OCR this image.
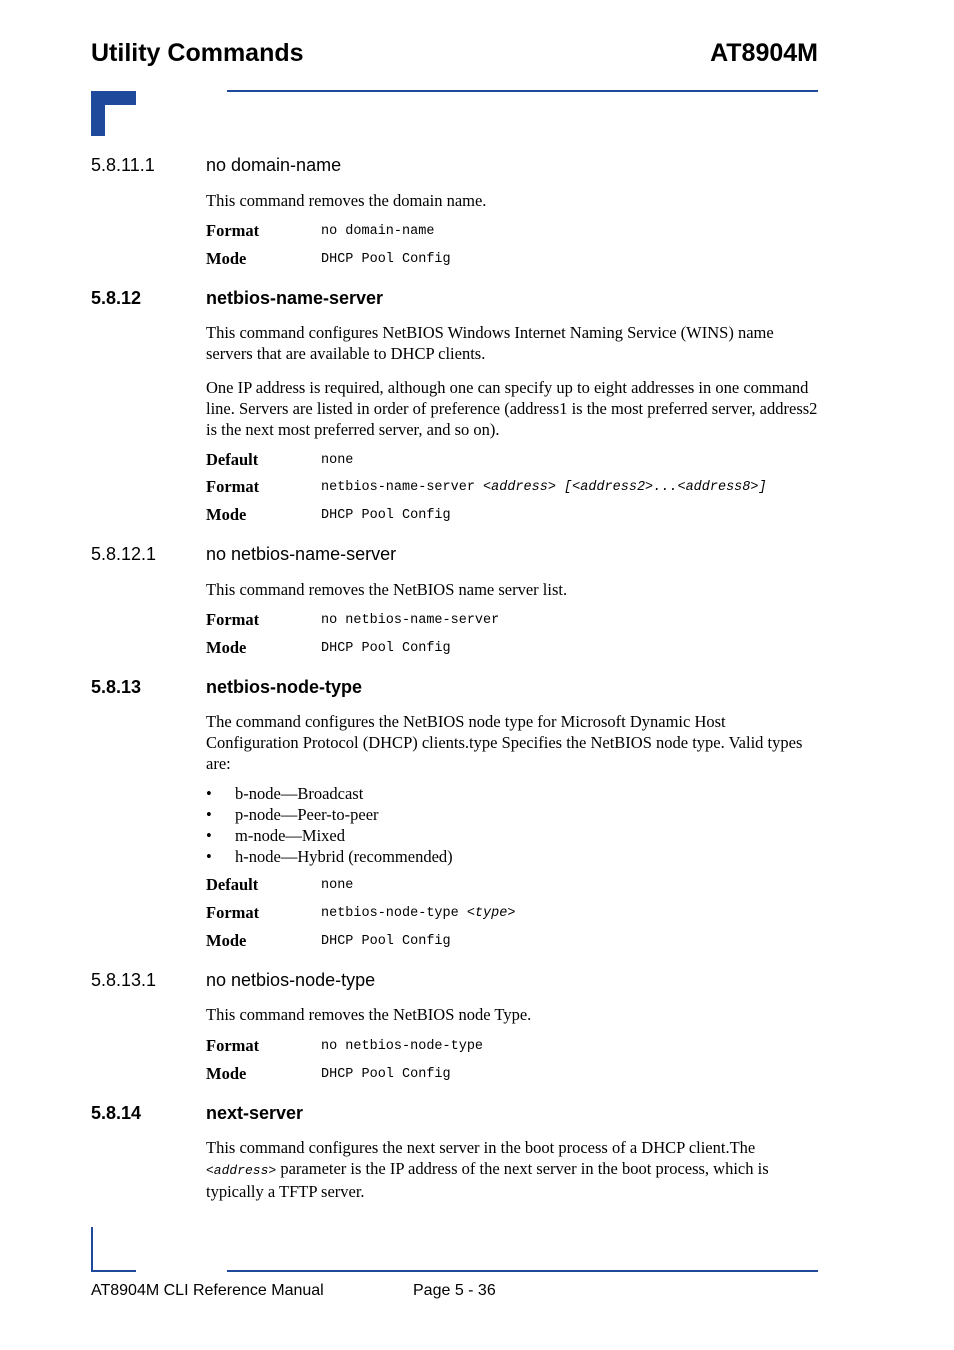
Utility Commands	AT8904M
5.8.11.1	no domain-name
This command removes the domain name.
Format	no domain-name
Mode	DHCP Pool Config
5.8.12	netbios-name-server
This command configures NetBIOS Windows Internet Naming Service (WINS) name servers that are available to DHCP clients.
One IP address is required, although one can specify up to eight addresses in one command line. Servers are listed in order of preference (address1 is the most preferred server, address2 is the next most preferred server, and so on).
Default	none
Format	netbios-name-server <address> [<address2>...<address8>]
Mode	DHCP Pool Config
5.8.12.1	no netbios-name-server
This command removes the NetBIOS name server list.
Format	no netbios-name-server
Mode	DHCP Pool Config
5.8.13	netbios-node-type
The command configures the NetBIOS node type for Microsoft Dynamic Host Configuration Protocol (DHCP) clients.type Specifies the NetBIOS node type. Valid types are:
• b-node—Broadcast
• p-node—Peer-to-peer
• m-node—Mixed
• h-node—Hybrid (recommended)
Default	none
Format	netbios-node-type <type>
Mode	DHCP Pool Config
5.8.13.1	no netbios-node-type
This command removes the NetBIOS node Type.
Format	no netbios-node-type
Mode	DHCP Pool Config
5.8.14	next-server
This command configures the next server in the boot process of a DHCP client.The
<address> parameter is the IP address of the next server in the boot process, which is typically a TFTP server.
AT8904M CLI Reference Manual	Page 5 - 36
